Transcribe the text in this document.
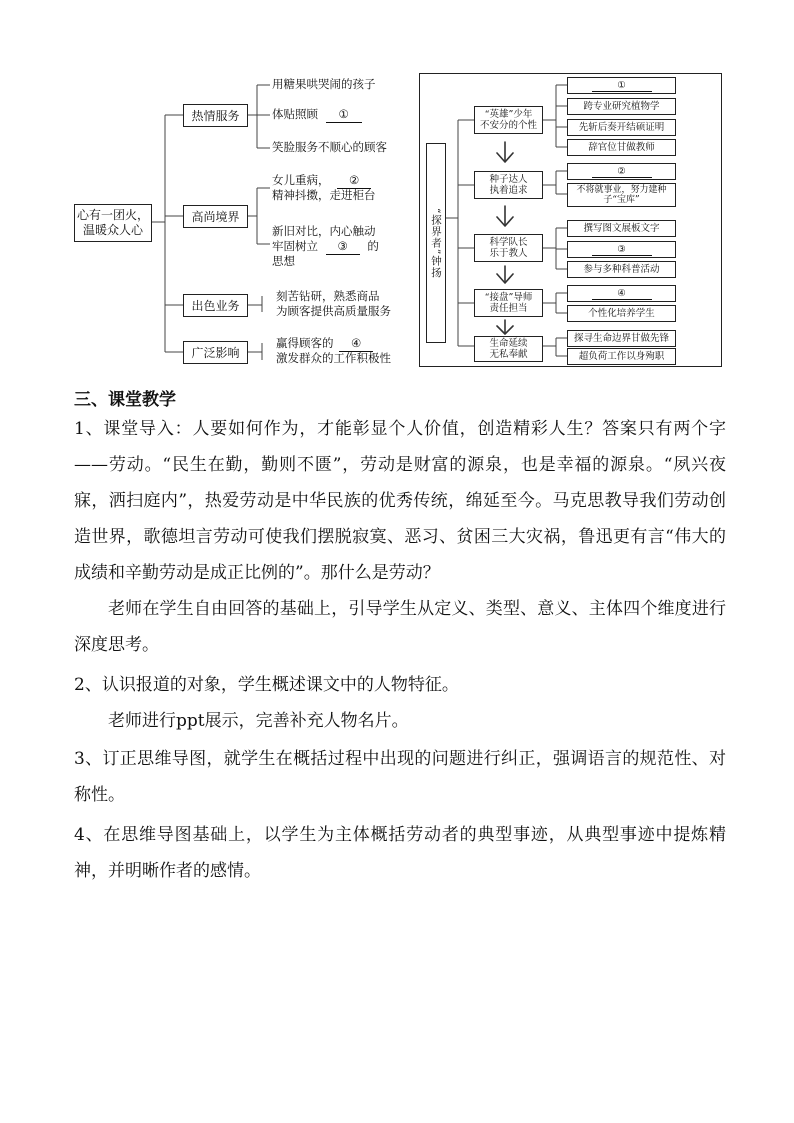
心有一团火，
温暖众人心
热情服务
高尚境界
出色业务
广泛影响
用糖果哄哭闹的孩子
体贴照顾 ①
笑脸服务不顺心的顾客
女儿重病， ②
精神抖擞，走进柜台
新旧对比，内心触动
牢固树立 ③ 的
思想
刻苦钻研，熟悉商品
为顾客提供高质量服务
赢得顾客的 ④
激发群众的工作积极性
“探界者”钟扬
“英雄”少年
不安分的个性
种子达人
执着追求
科学队长
乐于教人
“接盘”导师
责任担当
生命延续
无私奉献
①
跨专业研究植物学
先斩后奏开结硕证明
辞官位甘做教师
②
不将就事业，努力建种子“宝库”
撰写图文展板文字
③
参与多种科普活动
④
个性化培养学生
探寻生命边界甘做先锋
超负荷工作以身殉职
三、课堂教学

1、课堂导入：人要如何作为，才能彰显个人价值，创造精彩人生？答案只有两个字——劳动。“民生在勤，勤则不匮”，劳动是财富的源泉，也是幸福的源泉。“夙兴夜寐，洒扫庭内”，热爱劳动是中华民族的优秀传统，绵延至今。马克思教导我们劳动创造世界，歌德坦言劳动可使我们摆脱寂寞、恶习、贫困三大灾祸，鲁迅更有言“伟大的成绩和辛勤劳动是成正比例的”。那什么是劳动？

老师在学生自由回答的基础上，引导学生从定义、类型、意义、主体四个维度进行深度思考。

2、认识报道的对象，学生概述课文中的人物特征。

老师进行ppt展示，完善补充人物名片。

3、订正思维导图，就学生在概括过程中出现的问题进行纠正，强调语言的规范性、对称性。

4、在思维导图基础上，以学生为主体概括劳动者的典型事迹，从典型事迹中提炼精神，并明晰作者的感情。
